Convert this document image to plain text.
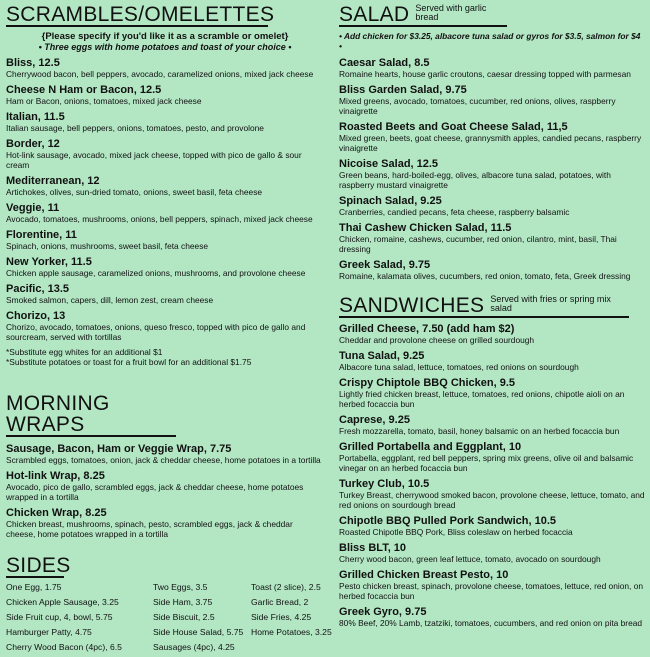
SCRAMBLES/OMELETTES
{Please specify if you'd like it as a scramble or omelet}
• Three eggs with home potatoes and toast of your choice •
Bliss, 12.5
Cherrywood bacon, bell peppers, avocado, caramelized onions, mixed jack cheese
Cheese N Ham or Bacon, 12.5
Ham or Bacon, onions, tomatoes, mixed jack cheese
Italian, 11.5
Italian sausage, bell peppers, onions, tomatoes, pesto, and provolone
Border, 12
Hot-link sausage, avocado, mixed jack cheese, topped with pico de gallo & sour cream
Mediterranean, 12
Artichokes, olives, sun-dried tomato, onions, sweet basil, feta cheese
Veggie, 11
Avocado, tomatoes, mushrooms, onions, bell peppers, spinach, mixed jack cheese
Florentine, 11
Spinach, onions, mushrooms, sweet basil, feta cheese
New Yorker, 11.5
Chicken apple sausage, caramelized onions, mushrooms, and provolone cheese
Pacific, 13.5
Smoked salmon, capers, dill, lemon zest, cream cheese
Chorizo, 13
Chorizo, avocado, tomatoes, onions, queso fresco, topped with pico de gallo and sourcream, served with tortillas
*Substitute egg whites for an additional $1
*Substitute potatoes or toast for a fruit bowl for an additional $1.75
MORNING WRAPS
Sausage, Bacon, Ham or Veggie Wrap, 7.75
Scrambled eggs, tomatoes, onion, jack & cheddar cheese, home potatoes in a tortilla
Hot-link Wrap, 8.25
Avocado, pico de gallo, scrambled eggs, jack & cheddar cheese, home potatoes wrapped in a tortilla
Chicken Wrap, 8.25
Chicken breast, mushrooms, spinach, pesto, scrambled eggs, jack & cheddar cheese, home potatoes wrapped in a tortilla
SIDES
One Egg, 1.75
Chicken Apple Sausage, 3.25
Side Fruit cup, 4, bowl, 5.75
Hamburger Patty, 4.75
Cherry Wood Bacon (4pc), 6.5
Two Eggs, 3.5
Side Ham, 3.75
Side Biscuit, 2.5
Side House Salad, 5.75
Sausages (4pc), 4.25
Toast (2 slice), 2.5
Garlic Bread, 2
Side Fries, 4.25
Home Potatoes, 3.25
SALAD Served with garlic bread
• Add chicken for $3.25, albacore tuna salad or gyros for $3.5, salmon for $4 •
Caesar Salad, 8.5
Romaine hearts, house garlic croutons, caesar dressing topped with parmesan
Bliss Garden Salad, 9.75
Mixed greens, avocado, tomatoes, cucumber, red onions, olives, raspberry vinaigrette
Roasted Beets and Goat Cheese Salad, 11,5
Mixed green, beets, goat cheese, grannysmith apples, candied pecans, raspberry vinaigrette
Nicoise Salad, 12.5
Green beans, hard-boiled-egg, olives, albacore tuna salad, potatoes, with raspberry mustard vinaigrette
Spinach Salad, 9.25
Cranberries, candied pecans, feta cheese, raspberry balsamic
Thai Cashew Chicken Salad, 11.5
Chicken, romaine, cashews, cucumber, red onion, cilantro, mint, basil, Thai dressing
Greek Salad, 9.75
Romaine, kalamata olives, cucumbers, red onion, tomato, feta, Greek dressing
SANDWICHES Served with fries or spring mix salad
Grilled Cheese, 7.50 (add ham $2)
Cheddar and provolone cheese on grilled sourdough
Tuna Salad, 9.25
Albacore tuna salad, lettuce, tomatoes, red onions on sourdough
Crispy Chiptole BBQ Chicken, 9.5
Lightly fried chicken breast, lettuce, tomatoes, red onions, chipotle aioli on an herbed focaccia bun
Caprese, 9.25
Fresh mozzarella, tomato, basil, honey balsamic on an herbed focaccia bun
Grilled Portabella and Eggplant, 10
Portabella, eggplant, red bell peppers, spring mix greens, olive oil and balsamic vinegar on an herbed focaccia bun
Turkey Club, 10.5
Turkey Breast, cherrywood smoked bacon, provolone cheese, lettuce, tomato, and red onions on sourdough bread
Chipotle BBQ Pulled Pork Sandwich, 10.5
Roasted Chipotle BBQ Pork, Bliss coleslaw on herbed focaccia
Bliss BLT, 10
Cherry wood bacon, green leaf lettuce, tomato, avocado on sourdough
Grilled Chicken Breast Pesto, 10
Pesto chicken breast, spinach, provolone cheese, tomatoes, lettuce, red onion, on herbed focaccia bun
Greek Gyro, 9.75
80% Beef, 20% Lamb, tzatziki, tomatoes, cucumbers, and red onion on pita bread
